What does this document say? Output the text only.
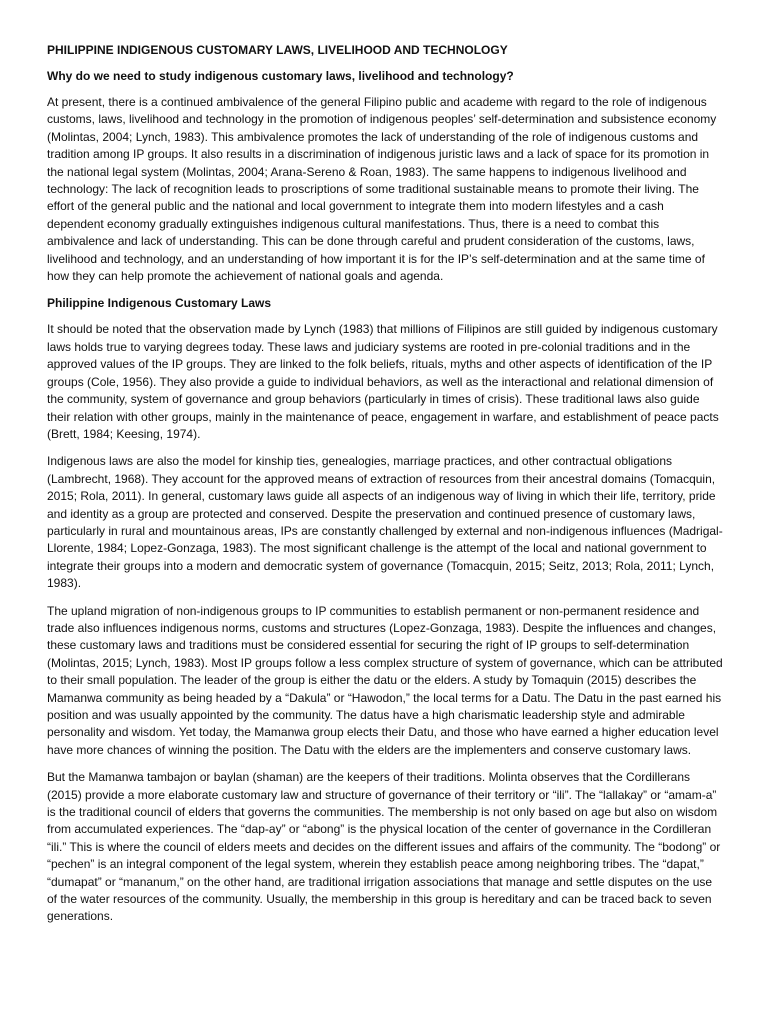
PHILIPPINE INDIGENOUS CUSTOMARY LAWS, LIVELIHOOD AND TECHNOLOGY
Why do we need to study indigenous customary laws, livelihood and technology?

At present, there is a continued ambivalence of the general Filipino public and academe with regard to the role of indigenous customs, laws, livelihood and technology in the promotion of indigenous peoples’ self-determination and subsistence economy (Molintas, 2004; Lynch, 1983). This ambivalence promotes the lack of understanding of the role of indigenous customs and tradition among IP groups. It also results in a discrimination of indigenous juristic laws and a lack of space for its promotion in the national legal system (Molintas, 2004; Arana-Sereno & Roan, 1983). The same happens to indigenous livelihood and technology: The lack of recognition leads to proscriptions of some traditional sustainable means to promote their living. The effort of the general public and the national and local government to integrate them into modern lifestyles and a cash dependent economy gradually extinguishes indigenous cultural manifestations. Thus, there is a need to combat this ambivalence and lack of understanding. This can be done through careful and prudent consideration of the customs, laws, livelihood and technology, and an understanding of how important it is for the IP’s self-determination and at the same time of how they can help promote the achievement of national goals and agenda.

Philippine Indigenous Customary Laws

It should be noted that the observation made by Lynch (1983) that millions of Filipinos are still guided by indigenous customary laws holds true to varying degrees today. These laws and judiciary systems are rooted in pre-colonial traditions and in the approved values of the IP groups. They are linked to the folk beliefs, rituals, myths and other aspects of identification of the IP groups (Cole, 1956). They also provide a guide to individual behaviors, as well as the interactional and relational dimension of the community, system of governance and group behaviors (particularly in times of crisis). These traditional laws also guide their relation with other groups, mainly in the maintenance of peace, engagement in warfare, and establishment of peace pacts (Brett, 1984; Keesing, 1974).

Indigenous laws are also the model for kinship ties, genealogies, marriage practices, and other contractual obligations (Lambrecht, 1968). They account for the approved means of extraction of resources from their ancestral domains (Tomacquin, 2015; Rola, 2011). In general, customary laws guide all aspects of an indigenous way of living in which their life, territory, pride and identity as a group are protected and conserved. Despite the preservation and continued presence of customary laws, particularly in rural and mountainous areas, IPs are constantly challenged by external and non-indigenous influences (Madrigal-Llorente, 1984; Lopez-Gonzaga, 1983). The most significant challenge is the attempt of the local and national government to integrate their groups into a modern and democratic system of governance (Tomacquin, 2015; Seitz, 2013; Rola, 2011; Lynch, 1983).

The upland migration of non-indigenous groups to IP communities to establish permanent or non-permanent residence and trade also influences indigenous norms, customs and structures (Lopez-Gonzaga, 1983). Despite the influences and changes, these customary laws and traditions must be considered essential for securing the right of IP groups to self-determination (Molintas, 2015; Lynch, 1983). Most IP groups follow a less complex structure of system of governance, which can be attributed to their small population. The leader of the group is either the datu or the elders. A study by Tomaquin (2015) describes the Mamanwa community as being headed by a “Dakula” or “Hawodon,” the local terms for a Datu. The Datu in the past earned his position and was usually appointed by the community. The datus have a high charismatic leadership style and admirable personality and wisdom. Yet today, the Mamanwa group elects their Datu, and those who have earned a higher education level have more chances of winning the position. The Datu with the elders are the implementers and conserve customary laws.

But the Mamanwa tambajon or baylan (shaman) are the keepers of their traditions. Molinta observes that the Cordillerans (2015) provide a more elaborate customary law and structure of governance of their territory or “ili”. The “lallakay” or “amam-a” is the traditional council of elders that governs the communities. The membership is not only based on age but also on wisdom from accumulated experiences. The “dap-ay” or “abong” is the physical location of the center of governance in the Cordilleran “ili.” This is where the council of elders meets and decides on the different issues and affairs of the community. The “bodong” or “pechen” is an integral component of the legal system, wherein they establish peace among neighboring tribes. The “dapat,” “dumapat” or “mananum,” on the other hand, are traditional irrigation associations that manage and settle disputes on the use of the water resources of the community. Usually, the membership in this group is hereditary and can be traced back to seven generations.
